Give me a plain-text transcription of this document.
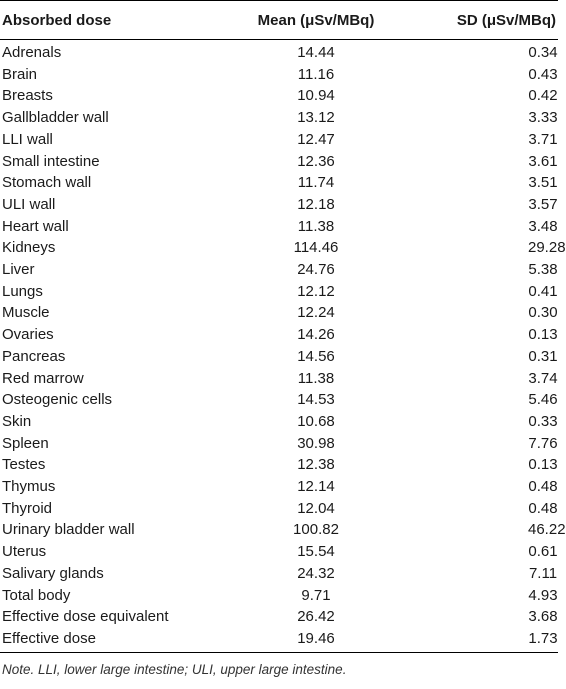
Absorbed dose	Mean (μSv/MBq)	SD (μSv/MBq)
Adrenals	14.44	0.34
Brain	11.16	0.43
Breasts	10.94	0.42
Gallbladder wall	13.12	3.33
LLI wall	12.47	3.71
Small intestine	12.36	3.61
Stomach wall	11.74	3.51
ULI wall	12.18	3.57
Heart wall	11.38	3.48
Kidneys	114.46	29.28
Liver	24.76	5.38
Lungs	12.12	0.41
Muscle	12.24	0.30
Ovaries	14.26	0.13
Pancreas	14.56	0.31
Red marrow	11.38	3.74
Osteogenic cells	14.53	5.46
Skin	10.68	0.33
Spleen	30.98	7.76
Testes	12.38	0.13
Thymus	12.14	0.48
Thyroid	12.04	0.48
Urinary bladder wall	100.82	46.22
Uterus	15.54	0.61
Salivary glands	24.32	7.11
Total body	9.71	4.93
Effective dose equivalent	26.42	3.68
Effective dose	19.46	1.73
Note. LLI, lower large intestine; ULI, upper large intestine.
